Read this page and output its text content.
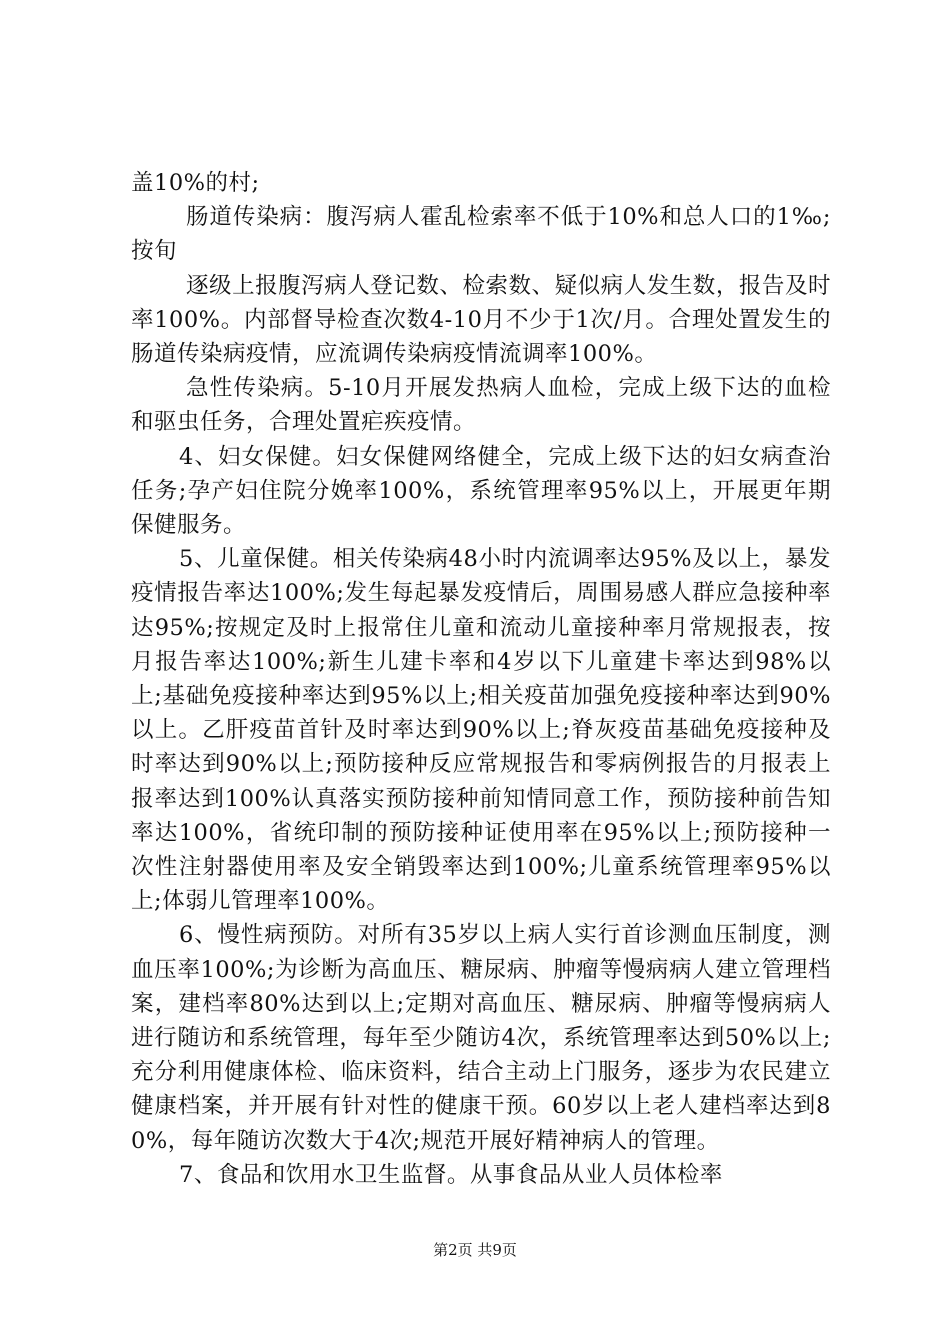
盖10%的村;

肠道传染病：腹泻病人霍乱检索率不低于10%和总人口的1‰;按旬

逐级上报腹泻病人登记数、检索数、疑似病人发生数，报告及时率100%。内部督导检查次数4-10月不少于1次/月。合理处置发生的肠道传染病疫情，应流调传染病疫情流调率100%。

急性传染病。5-10月开展发热病人血检，完成上级下达的血检和驱虫任务，合理处置疟疾疫情。

4、妇女保健。妇女保健网络健全，完成上级下达的妇女病查治任务;孕产妇住院分娩率100%，系统管理率95%以上，开展更年期保健服务。

5、儿童保健。相关传染病48小时内流调率达95%及以上，暴发疫情报告率达100%;发生每起暴发疫情后，周围易感人群应急接种率达95%;按规定及时上报常住儿童和流动儿童接种率月常规报表，按月报告率达100%;新生儿建卡率和4岁以下儿童建卡率达到98%以上;基础免疫接种率达到95%以上;相关疫苗加强免疫接种率达到90%以上。乙肝疫苗首针及时率达到90%以上;脊灰疫苗基础免疫接种及时率达到90%以上;预防接种反应常规报告和零病例报告的月报表上报率达到100%认真落实预防接种前知情同意工作，预防接种前告知率达100%，省统印制的预防接种证使用率在95%以上;预防接种一次性注射器使用率及安全销毁率达到100%;儿童系统管理率95%以上;体弱儿管理率100%。

6、慢性病预防。对所有35岁以上病人实行首诊测血压制度，测血压率100%;为诊断为高血压、糖尿病、肿瘤等慢病病人建立管理档案，建档率80%达到以上;定期对高血压、糖尿病、肿瘤等慢病病人进行随访和系统管理，每年至少随访4次，系统管理率达到50%以上;充分利用健康体检、临床资料，结合主动上门服务，逐步为农民建立健康档案，并开展有针对性的健康干预。60岁以上老人建档率达到80%，每年随访次数大于4次;规范开展好精神病人的管理。

7、食品和饮用水卫生监督。从事食品从业人员体检率

第2页 共9页
